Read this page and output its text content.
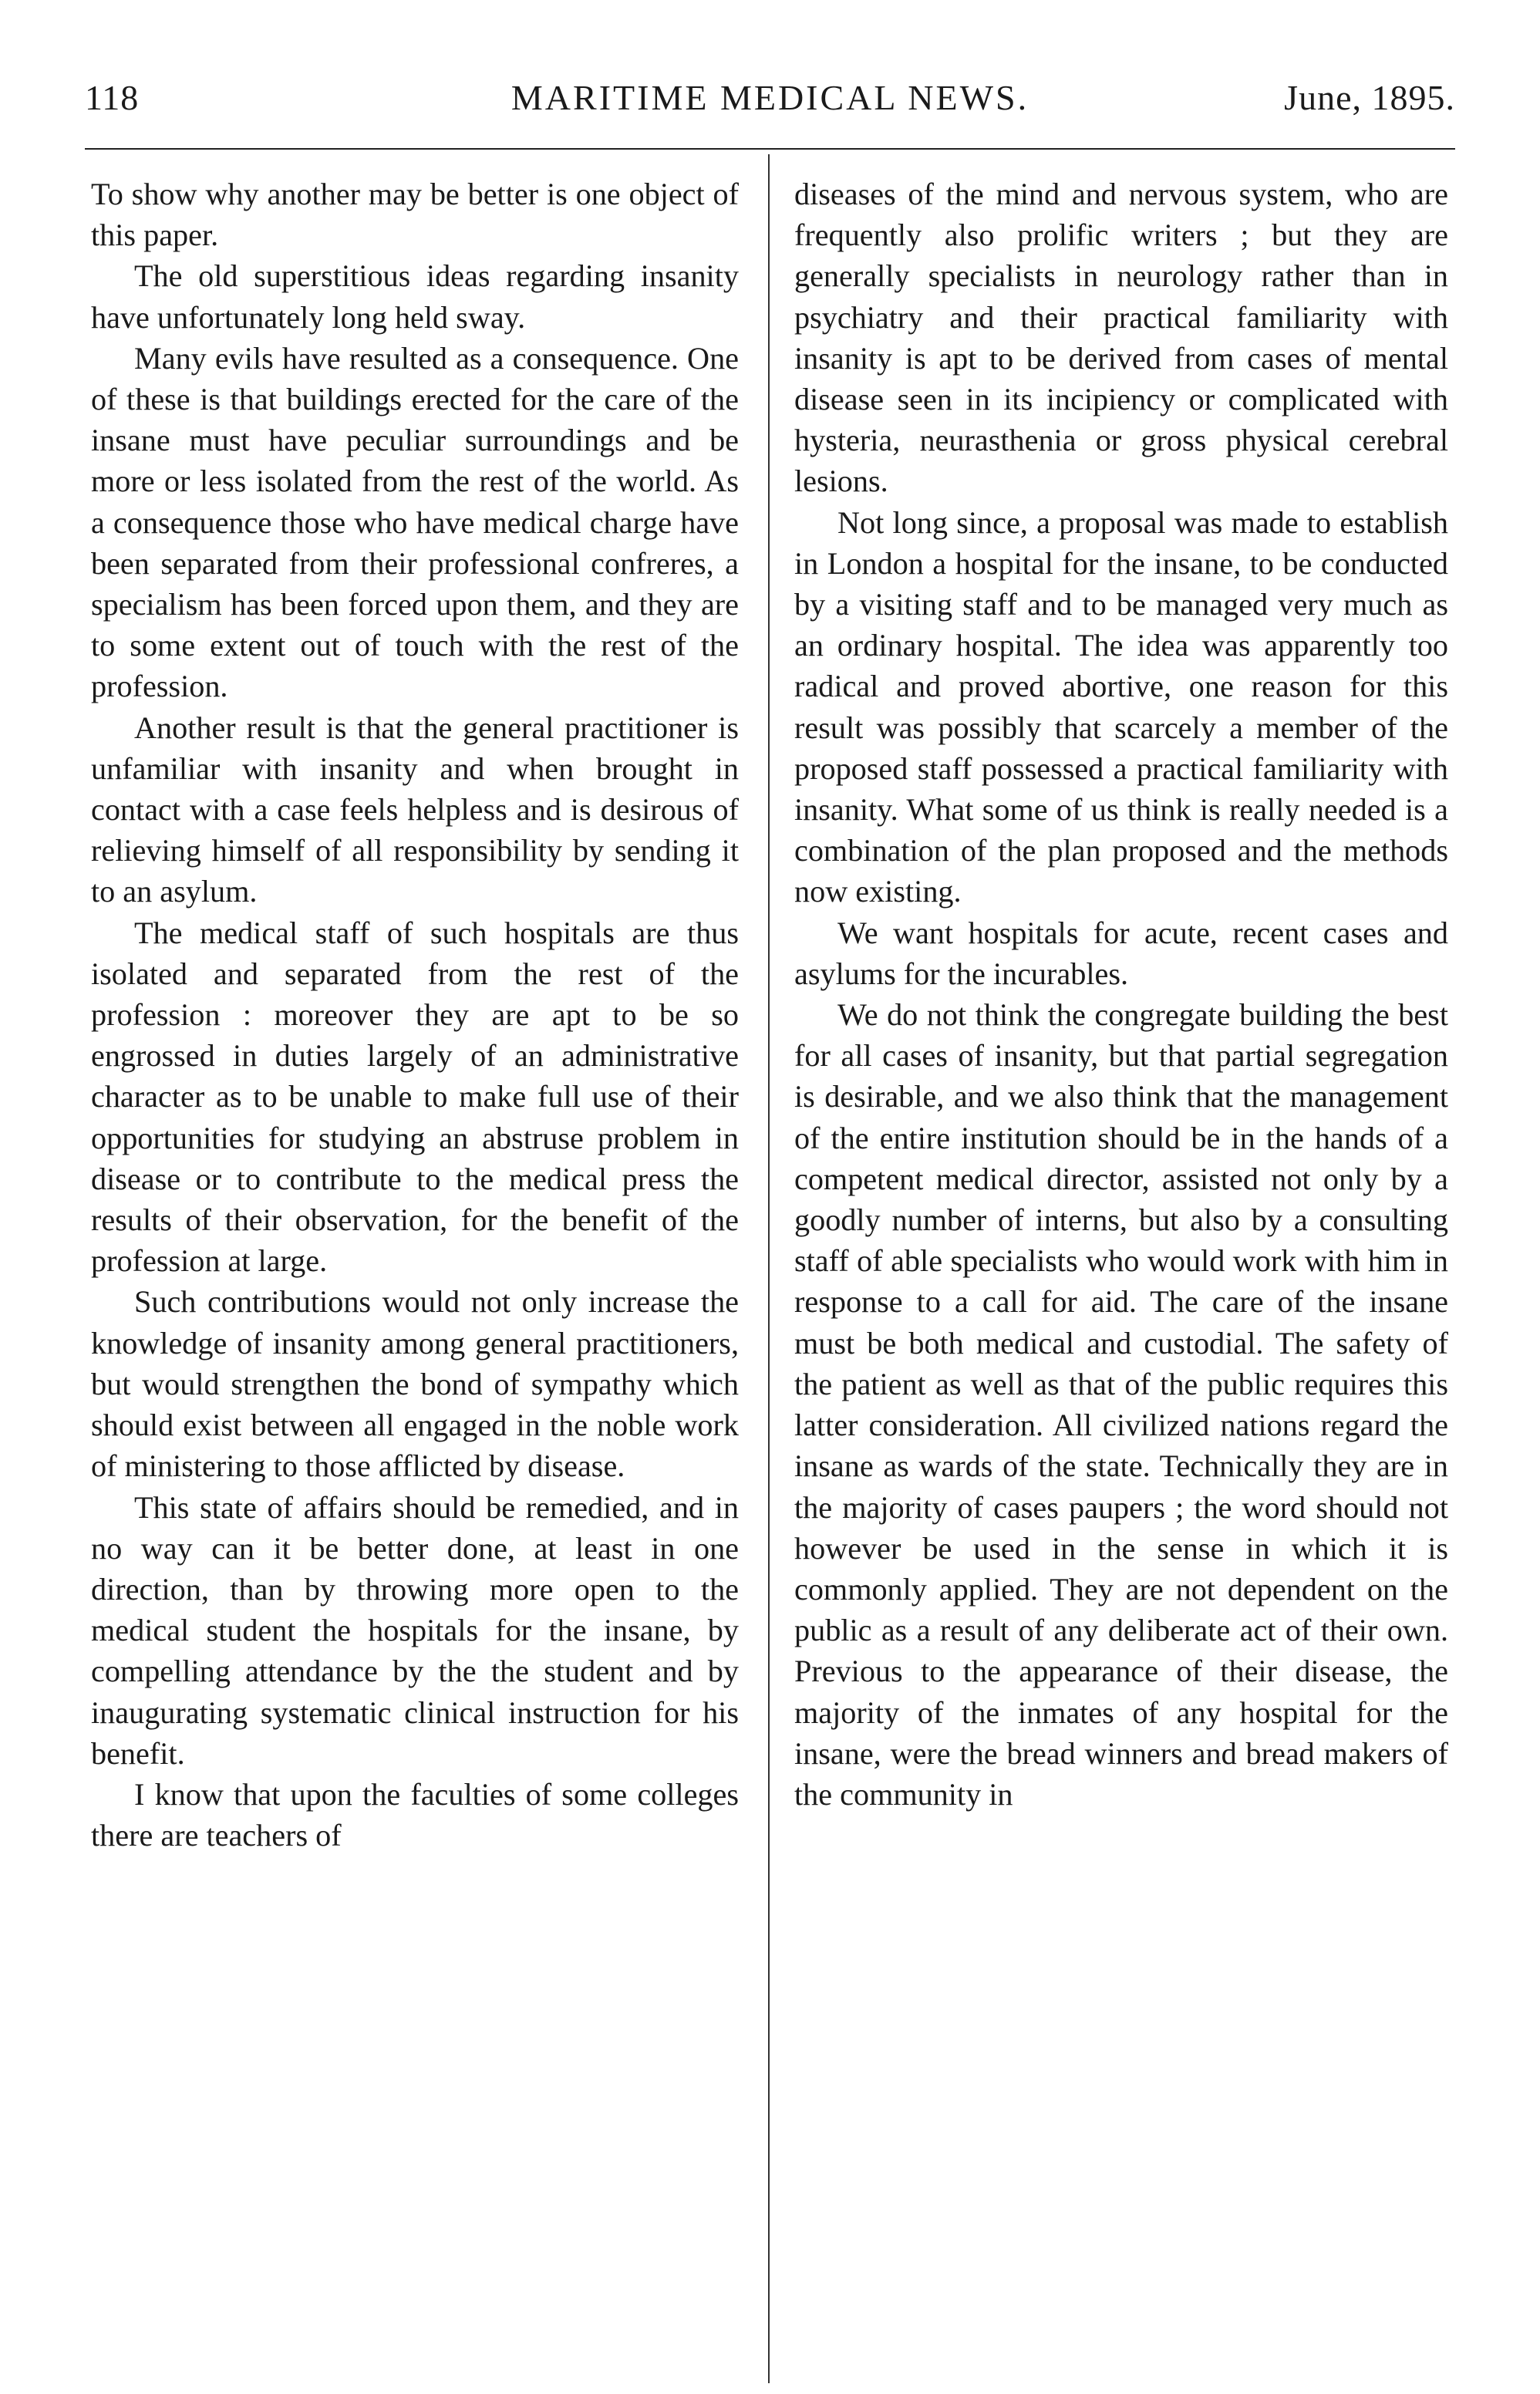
118	MARITIME MEDICAL NEWS.	June, 1895.

To show why another may be better is one object of this paper.

The old superstitious ideas regarding insanity have unfortunately long held sway.

Many evils have resulted as a consequence. One of these is that buildings erected for the care of the insane must have peculiar surroundings and be more or less isolated from the rest of the world. As a consequence those who have medical charge have been separated from their professional confreres, a specialism has been forced upon them, and they are to some extent out of touch with the rest of the profession.

Another result is that the general practitioner is unfamiliar with insanity and when brought in contact with a case feels helpless and is desirous of relieving himself of all responsibility by sending it to an asylum.

The medical staff of such hospitals are thus isolated and separated from the rest of the profession : moreover they are apt to be so engrossed in duties largely of an administrative character as to be unable to make full use of their opportunities for studying an abstruse problem in disease or to contribute to the medical press the results of their observation, for the benefit of the profession at large.

Such contributions would not only increase the knowledge of insanity among general practitioners, but would strengthen the bond of sympathy which should exist between all engaged in the noble work of ministering to those afflicted by disease.

This state of affairs should be remedied, and in no way can it be better done, at least in one direction, than by throwing more open to the medical student the hospitals for the insane, by compelling attendance by the the student and by inaugurating systematic clinical instruction for his benefit.

I know that upon the faculties of some colleges there are teachers of

diseases of the mind and nervous system, who are frequently also prolific writers ; but they are generally specialists in neurology rather than in psychiatry and their practical familiarity with insanity is apt to be derived from cases of mental disease seen in its incipiency or complicated with hysteria, neurasthenia or gross physical cerebral lesions.

Not long since, a proposal was made to establish in London a hospital for the insane, to be conducted by a visiting staff and to be managed very much as an ordinary hospital. The idea was apparently too radical and proved abortive, one reason for this result was possibly that scarcely a member of the proposed staff possessed a practical familiarity with insanity. What some of us think is really needed is a combination of the plan proposed and the methods now existing.

We want hospitals for acute, recent cases and asylums for the incurables.

We do not think the congregate building the best for all cases of insanity, but that partial segregation is desirable, and we also think that the management of the entire institution should be in the hands of a competent medical director, assisted not only by a goodly number of interns, but also by a consulting staff of able specialists who would work with him in response to a call for aid. The care of the insane must be both medical and custodial. The safety of the patient as well as that of the public requires this latter consideration. All civilized nations regard the insane as wards of the state. Technically they are in the majority of cases paupers ; the word should not however be used in the sense in which it is commonly applied. They are not dependent on the public as a result of any deliberate act of their own. Previous to the appearance of their disease, the majority of the inmates of any hospital for the insane, were the bread winners and bread makers of the community in
